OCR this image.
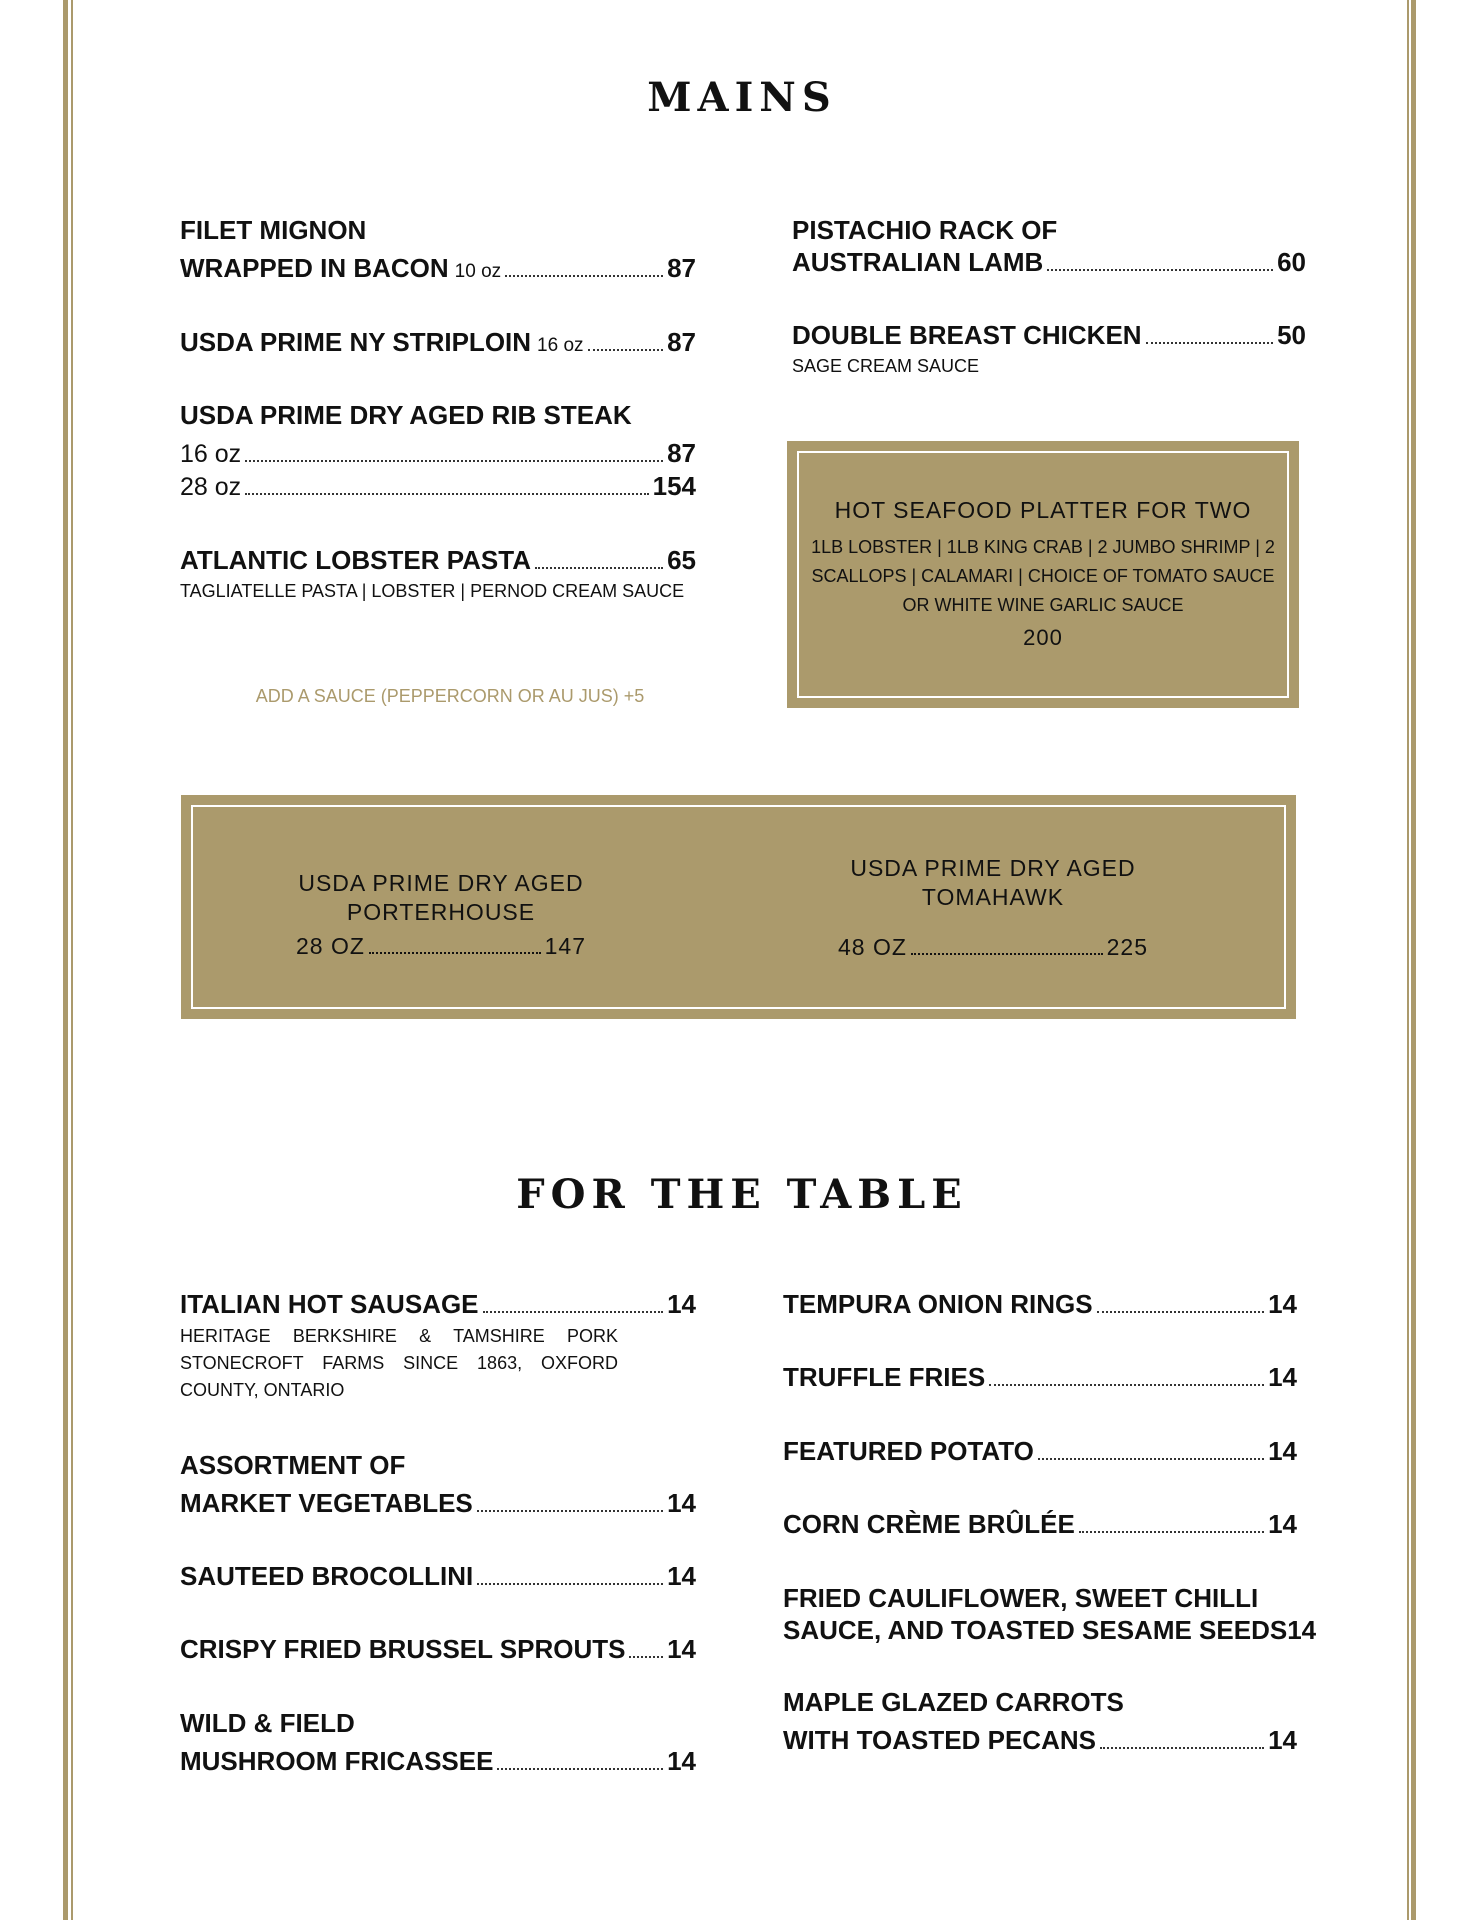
MAINS
FILET MIGNON
WRAPPED IN BACON 10 oz	87
USDA PRIME NY STRIPLOIN 16 oz	87
USDA PRIME DRY AGED RIB STEAK
16 oz	87
28 oz	154
ATLANTIC LOBSTER PASTA	65
TAGLIATELLE PASTA | LOBSTER | PERNOD CREAM SAUCE
ADD A SAUCE (PEPPERCORN OR AU JUS) +5
PISTACHIO RACK OF
AUSTRALIAN LAMB	60
DOUBLE BREAST CHICKEN	50
SAGE CREAM SAUCE
HOT SEAFOOD PLATTER FOR TWO
1LB LOBSTER | 1LB KING CRAB | 2 JUMBO SHRIMP | 2 SCALLOPS | CALAMARI | CHOICE OF TOMATO SAUCE OR WHITE WINE GARLIC SAUCE
200
USDA PRIME DRY AGED
PORTERHOUSE
28 OZ	147
USDA PRIME DRY AGED
TOMAHAWK
48 OZ	225
FOR THE TABLE
ITALIAN HOT SAUSAGE	14
HERITAGE BERKSHIRE & TAMSHIRE PORK STONECROFT FARMS SINCE 1863, OXFORD COUNTY, ONTARIO
ASSORTMENT OF
MARKET VEGETABLES	14
SAUTEED BROCOLLINI	14
CRISPY FRIED BRUSSEL SPROUTS 14
WILD & FIELD
MUSHROOM FRICASSEE	14
TEMPURA ONION RINGS	14
TRUFFLE FRIES	14
FEATURED POTATO	14
CORN CRÈME BRÛLÉE	14
FRIED CAULIFLOWER, SWEET CHILLI
SAUCE, AND TOASTED SESAME SEEDS 14
MAPLE GLAZED CARROTS
WITH TOASTED PECANS	14
